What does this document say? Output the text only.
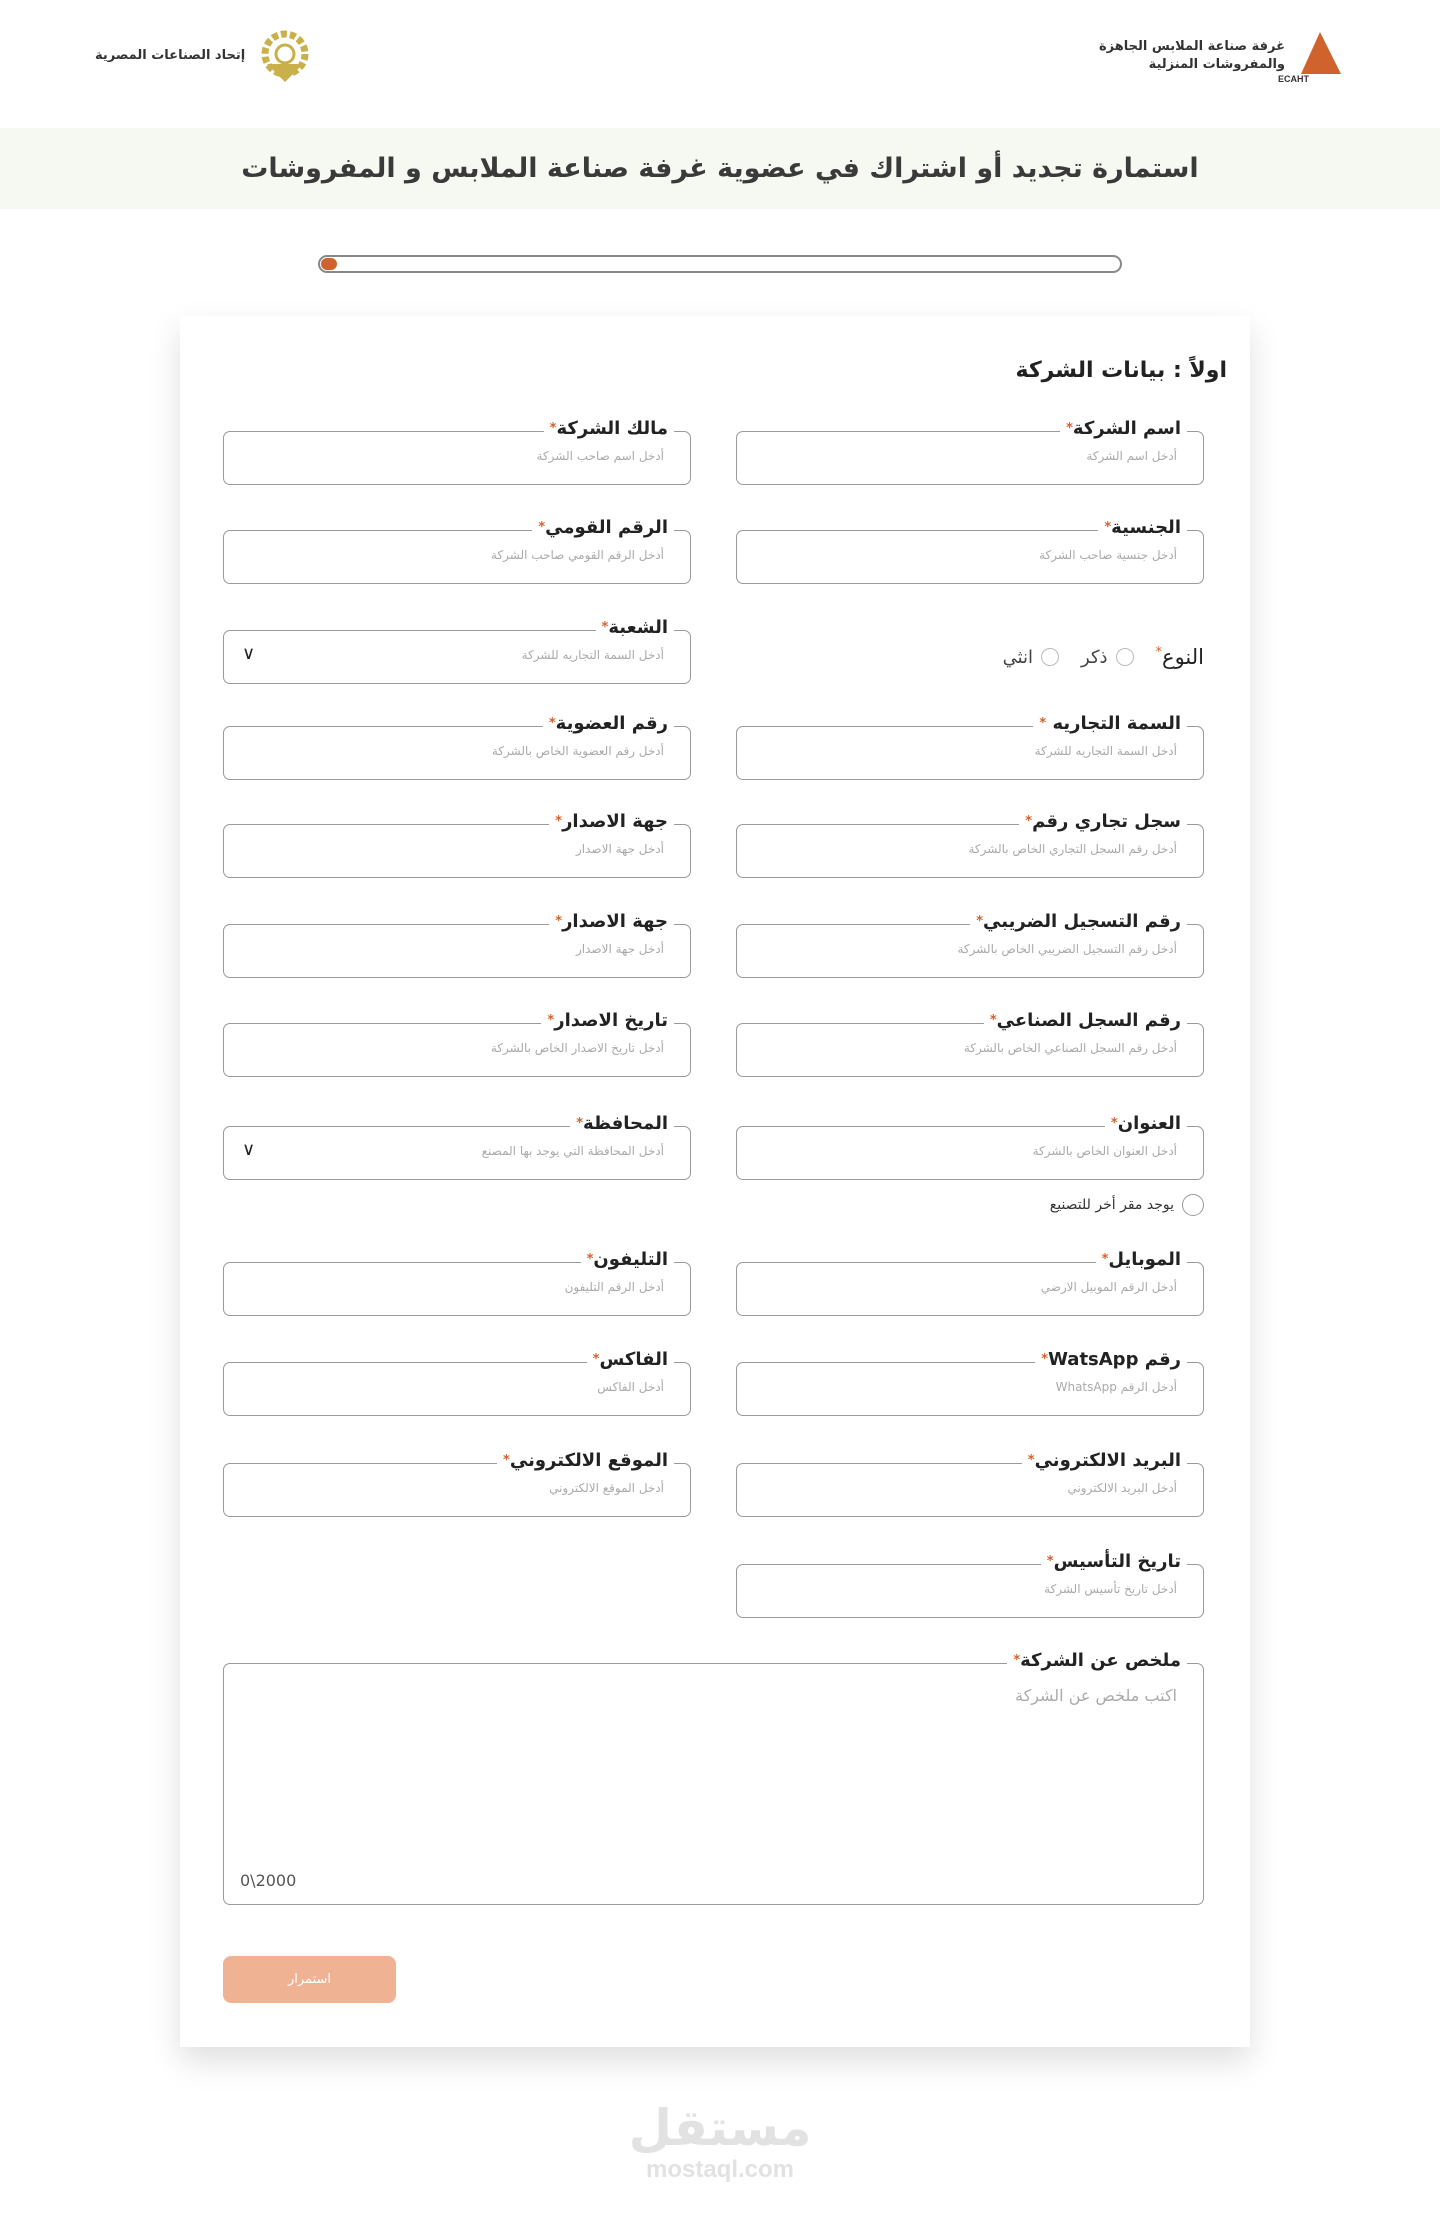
إتحاد الصناعات المصرية
ECAHT
غرفة صناعة الملابس الجاهزة
والمفروشات المنزلية
استمارة تجديد أو اشتراك في عضوية غرفة صناعة الملابس و المفروشات
اولاً : بيانات الشركة
النوع*
ذكر
انثي
يوجد مقر أخر للتصنيع
ملخص عن الشركة*
اكتب ملخص عن الشركة
0\2000
استمرار
اسم الشركة*
أدخل اسم الشركة
مالك الشركة*
أدخل اسم صاحب الشركة
الجنسية*
أدخل جنسية صاحب الشركة
الرقم القومي*
أدخل الرقم القومي صاحب الشركة
الشعبة*
أدخل السمة التجاريه للشركة
∨
السمة التجاريه *
أدخل السمة التجاريه للشركة
رقم العضوية*
أدخل رقم العضوية الخاص بالشركة
سجل تجاري رقم*
أدخل رقم السجل التجاري الخاص بالشركة
جهة الاصدار*
أدخل جهة الاصدار
رقم التسجيل الضريبي*
أدخل رقم التسجيل الضريبي الخاص بالشركة
جهة الاصدار*
أدخل جهة الاصدار
رقم السجل الصناعي*
أدخل رقم السجل الصناعي الخاص بالشركة
تاريخ الاصدار*
أدخل تاريخ الاصدار الخاص بالشركة
العنوان*
أدخل العنوان الخاص بالشركة
المحافظة*
أدخل المحافظة التي يوجد بها المصنع
∨
الموبايل*
أدخل الرقم الموبيل الارضي
التليفون*
أدخل الرقم التليفون
رقم WatsApp*
أدخل الرقم WhatsApp
الفاكس*
أدخل الفاكس
البريد الالكتروني*
أدخل البريد الالكتروني
الموقع الالكتروني*
أدخل الموقع الالكتروني
تاريخ التأسيس*
أدخل تاريخ تأسيس الشركة
مستقل
mostaql.com
